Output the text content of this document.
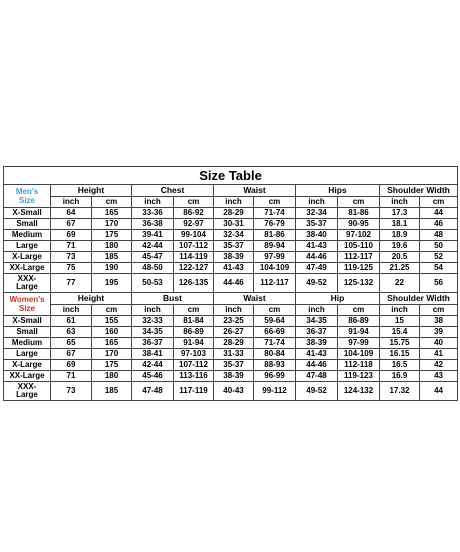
Size Table										

Men's
Size	Height		Chest		Waist		Hips		Shoulder Width	
	inch	cm	inch	cm	inch	cm	inch	cm	inch	cm
X-Small	64	165	33-36	86-92	28-29	71-74	32-34	81-86	17.3	44
Small	67	170	36-38	92-97	30-31	76-79	35-37	90-95	18.1	46
Medium	69	175	39-41	99-104	32-34	81-86	38-40	97-102	18.9	48
Large	71	180	42-44	107-112	35-37	89-94	41-43	105-110	19.6	50
X-Large	73	185	45-47	114-119	38-39	97-99	44-46	112-117	20.5	52
XX-Large	75	190	48-50	122-127	41-43	104-109	47-49	119-125	21.25	54

XXX-
Large	77	195	50-53	126-135	44-46	112-117	49-52	125-132	22	56

Women's
Size	Height		Bust		Waist		Hip		Shoulder Width	
	inch	cm	inch	cm	inch	cm	inch	cm	inch	cm
X-Small	61	155	32-33	81-84	23-25	59-64	34-35	86-89	15	38
Small	63	160	34-35	86-89	26-27	66-69	36-37	91-94	15.4	39
Medium	65	165	36-37	91-94	28-29	71-74	38-39	97-99	15.75	40
Large	67	170	38-41	97-103	31-33	80-84	41-43	104-109	16.15	41
X-Large	69	175	42-44	107-112	35-37	88-93	44-46	112-118	16.5	42
XX-Large	71	180	45-46	113-116	38-39	96-99	47-48	119-123	16.9	43

XXX-
Large	73	185	47-48	117-119	40-43	99-112	49-52	124-132	17.32	44
